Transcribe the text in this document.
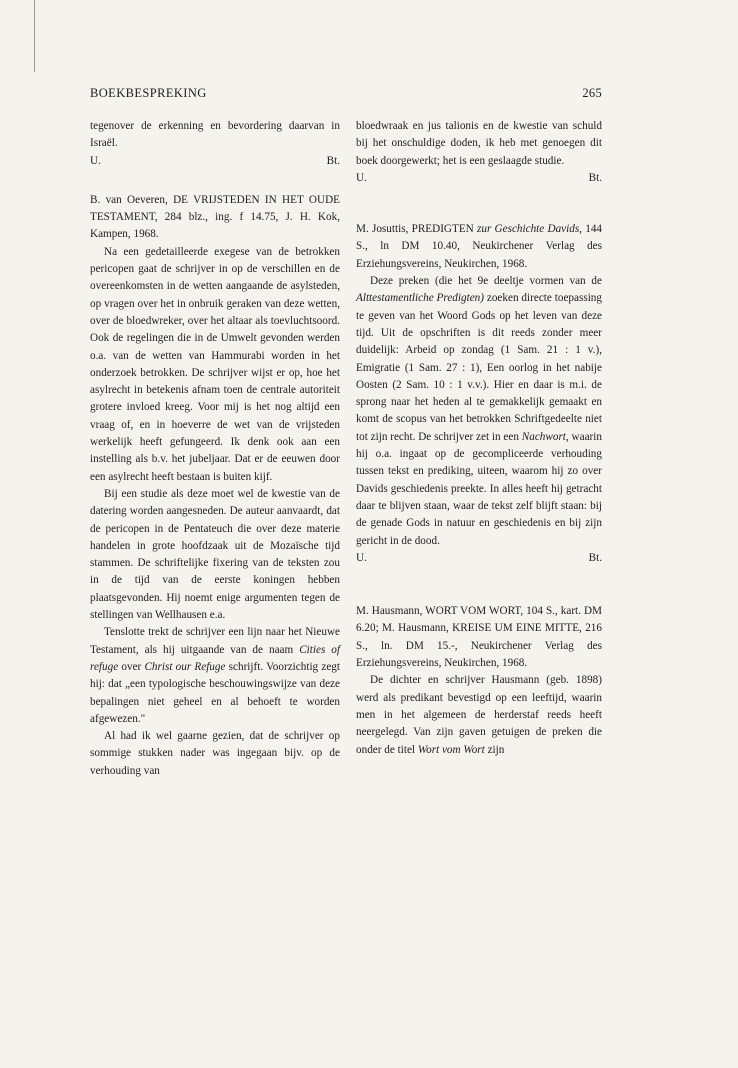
BOEKBESPREKING	265

tegenover de erkenning en bevordering daarvan in Israël.

U.	Bt.

B. van Oeveren, DE VRIJSTEDEN IN HET OUDE TESTAMENT, 284 blz., ing. f 14.75, J. H. Kok, Kampen, 1968.

Na een gedetailleerde exegese van de betrokken pericopen gaat de schrijver in op de verschillen en de overeenkomsten in de wetten aangaande de asylsteden, op vragen over het in onbruik geraken van deze wetten, over de bloedwreker, over het altaar als toevluchtsoord. Ook de regelingen die in de Umwelt gevonden werden o.a. van de wetten van Hammurabi worden in het onderzoek betrokken. De schrijver wijst er op, hoe het asylrecht in betekenis afnam toen de centrale autoriteit grotere invloed kreeg. Voor mij is het nog altijd een vraag of, en in hoeverre de wet van de vrijsteden werkelijk heeft gefungeerd. Ik denk ook aan een instelling als b.v. het jubeljaar. Dat er de eeuwen door een asylrecht heeft bestaan is buiten kijf.

Bij een studie als deze moet wel de kwestie van de datering worden aangesneden. De auteur aanvaardt, dat de pericopen in de Pentateuch die over deze materie handelen in grote hoofdzaak uit de Mozaïsche tijd stammen. De schriftelijke fixering van de teksten zou in de tijd van de eerste koningen hebben plaatsgevonden. Hij noemt enige argumenten tegen de stellingen van Wellhausen e.a.

Tenslotte trekt de schrijver een lijn naar het Nieuwe Testament, als hij uitgaande van de naam Cities of refuge over Christ our Refuge schrijft. Voorzichtig zegt hij: dat „een typologische beschouwingswijze van deze bepalingen niet geheel en al behoeft te worden afgewezen."

Al had ik wel gaarne gezien, dat de schrijver op sommige stukken nader was ingegaan bijv. op de verhouding van

bloedwraak en jus talionis en de kwestie van schuld bij het onschuldige doden, ik heb met genoegen dit boek doorgewerkt; het is een geslaagde studie.

U.	Bt.

M. Josuttis, PREDIGTEN zur Geschichte Davids, 144 S., ln DM 10.40, Neukirchener Verlag des Erziehungsvereins, Neukirchen, 1968.

Deze preken (die het 9e deeltje vormen van de Alttestamentliche Predigten) zoeken directe toepassing te geven van het Woord Gods op het leven van deze tijd. Uit de opschriften is dit reeds zonder meer duidelijk: Arbeid op zondag (1 Sam. 21 : 1 v.), Emigratie (1 Sam. 27 : 1), Een oorlog in het nabije Oosten (2 Sam. 10 : 1 v.v.). Hier en daar is m.i. de sprong naar het heden al te gemakkelijk gemaakt en komt de scopus van het betrokken Schriftgedeelte niet tot zijn recht. De schrijver zet in een Nachwort, waarin hij o.a. ingaat op de gecompliceerde verhouding tussen tekst en prediking, uiteen, waarom hij zo over Davids geschiedenis preekte. In alles heeft hij getracht daar te blijven staan, waar de tekst zelf blijft staan: bij de genade Gods in natuur en geschiedenis en bij zijn gericht in de dood.

U.	Bt.

M. Hausmann, WORT VOM WORT, 104 S., kart. DM 6.20; M. Hausmann, KREISE UM EINE MITTE, 216 S., ln. DM 15.-, Neukirchener Verlag des Erziehungsvereins, Neukirchen, 1968.

De dichter en schrijver Hausmann (geb. 1898) werd als predikant bevestigd op een leeftijd, waarin men in het algemeen de herderstaf reeds heeft neergelegd. Van zijn gaven getuigen de preken die onder de titel Wort vom Wort zijn
